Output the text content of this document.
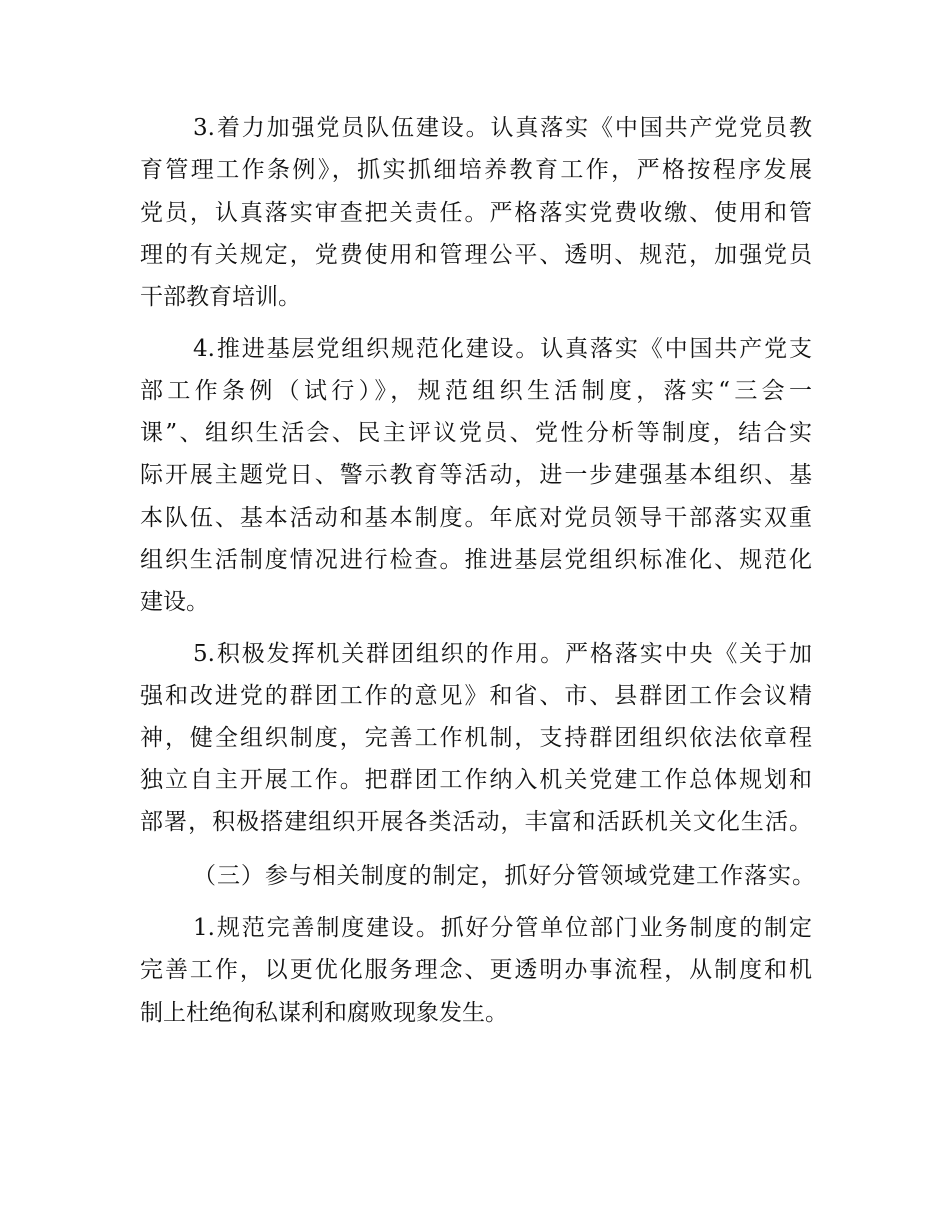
3.着力加强党员队伍建设。认真落实《中国共产党党员教
育管理工作条例》，抓实抓细培养教育工作，严格按程序发展
党员，认真落实审查把关责任。严格落实党费收缴、使用和管
理的有关规定，党费使用和管理公平、透明、规范，加强党员
干部教育培训。
4.推进基层党组织规范化建设。认真落实《中国共产党支
部工作条例（试行）》，规范组织生活制度，落实“三会一
课”、组织生活会、民主评议党员、党性分析等制度，结合实
际开展主题党日、警示教育等活动，进一步建强基本组织、基
本队伍、基本活动和基本制度。年底对党员领导干部落实双重
组织生活制度情况进行检查。推进基层党组织标准化、规范化
建设。
5.积极发挥机关群团组织的作用。严格落实中央《关于加
强和改进党的群团工作的意见》和省、市、县群团工作会议精
神，健全组织制度，完善工作机制，支持群团组织依法依章程
独立自主开展工作。把群团工作纳入机关党建工作总体规划和
部署，积极搭建组织开展各类活动，丰富和活跃机关文化生活。
（三）参与相关制度的制定，抓好分管领域党建工作落实。
1.规范完善制度建设。抓好分管单位部门业务制度的制定
完善工作，以更优化服务理念、更透明办事流程，从制度和机
制上杜绝徇私谋利和腐败现象发生。
